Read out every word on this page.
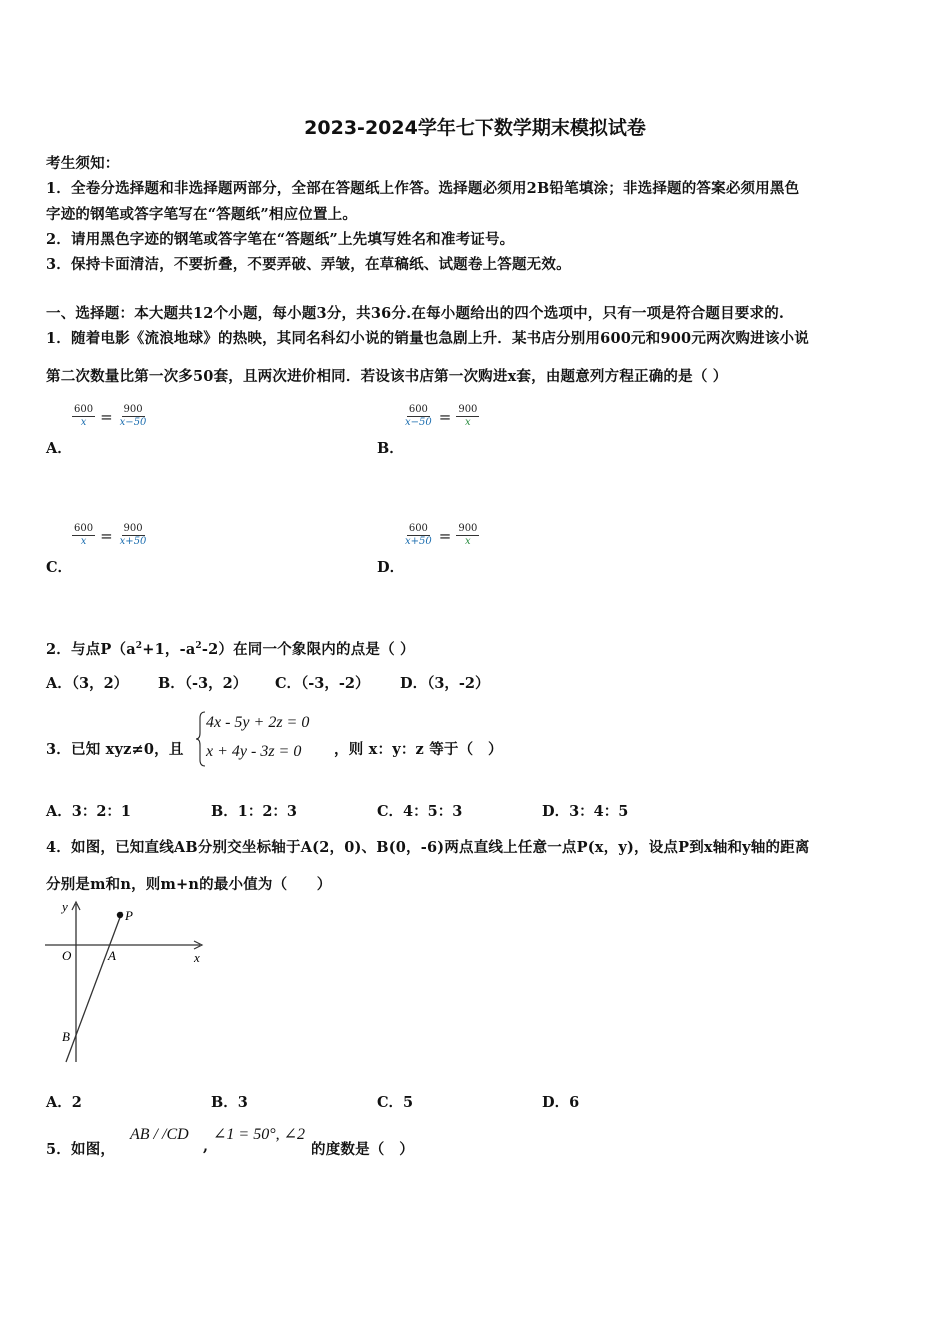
2023-2024学年七下数学期末模拟试卷
考生须知：
1．全卷分选择题和非选择题两部分，全部在答题纸上作答。选择题必须用2B铅笔填涂；非选择题的答案必须用黑色
字迹的钢笔或答字笔写在“答题纸”相应位置上。
2．请用黑色字迹的钢笔或答字笔在“答题纸”上先填写姓名和准考证号。
3．保持卡面清洁，不要折叠，不要弄破、弄皱，在草稿纸、试题卷上答题无效。
一、选择题：本大题共12个小题，每小题3分，共36分.在每小题给出的四个选项中，只有一项是符合题目要求的.
1．随着电影《流浪地球》的热映，其同名科幻小说的销量也急剧上升．某书店分别用600元和900元两次购进该小说
第二次数量比第一次多50套，且两次进价相同．若设该书店第一次购进x套，由题意列方程正确的是（ ）
A．
$\frac{600}{x} = \frac{900}{x-50}$
B．
$\frac{600}{x-50} = \frac{900}{x}$
C．
$\frac{600}{x} = \frac{900}{x+50}$
D．
$\frac{600}{x+50} = \frac{900}{x}$
2．与点$P(a^2+1$，$-a^2-2$）在同一个象限内的点是（ ）
A．（3，2） B．（-3，2） C．（-3，-2） D．（3，-2）
3．已知 xyz≠0，且
4x - 5y + 2z = 0
x + 4y - 3z = 0	，则 x：y：z 等于（　）
A．3：2：1	B．1：2：3	C．4：5：3	D．3：4：5
4．如图，已知直线AB分别交坐标轴于A(2，0)、B(0，-6)两点直线上任意一点P(x，y)，设点P到x轴和y轴的距离
分别是m和n，则m+n的最小值为（　　）
y
x
O	A
B
P
A．2	B．3	C．5	D．6
5．如图，
AB / /CD
,
∠1 = 50°, ∠2
的度数是（　）
